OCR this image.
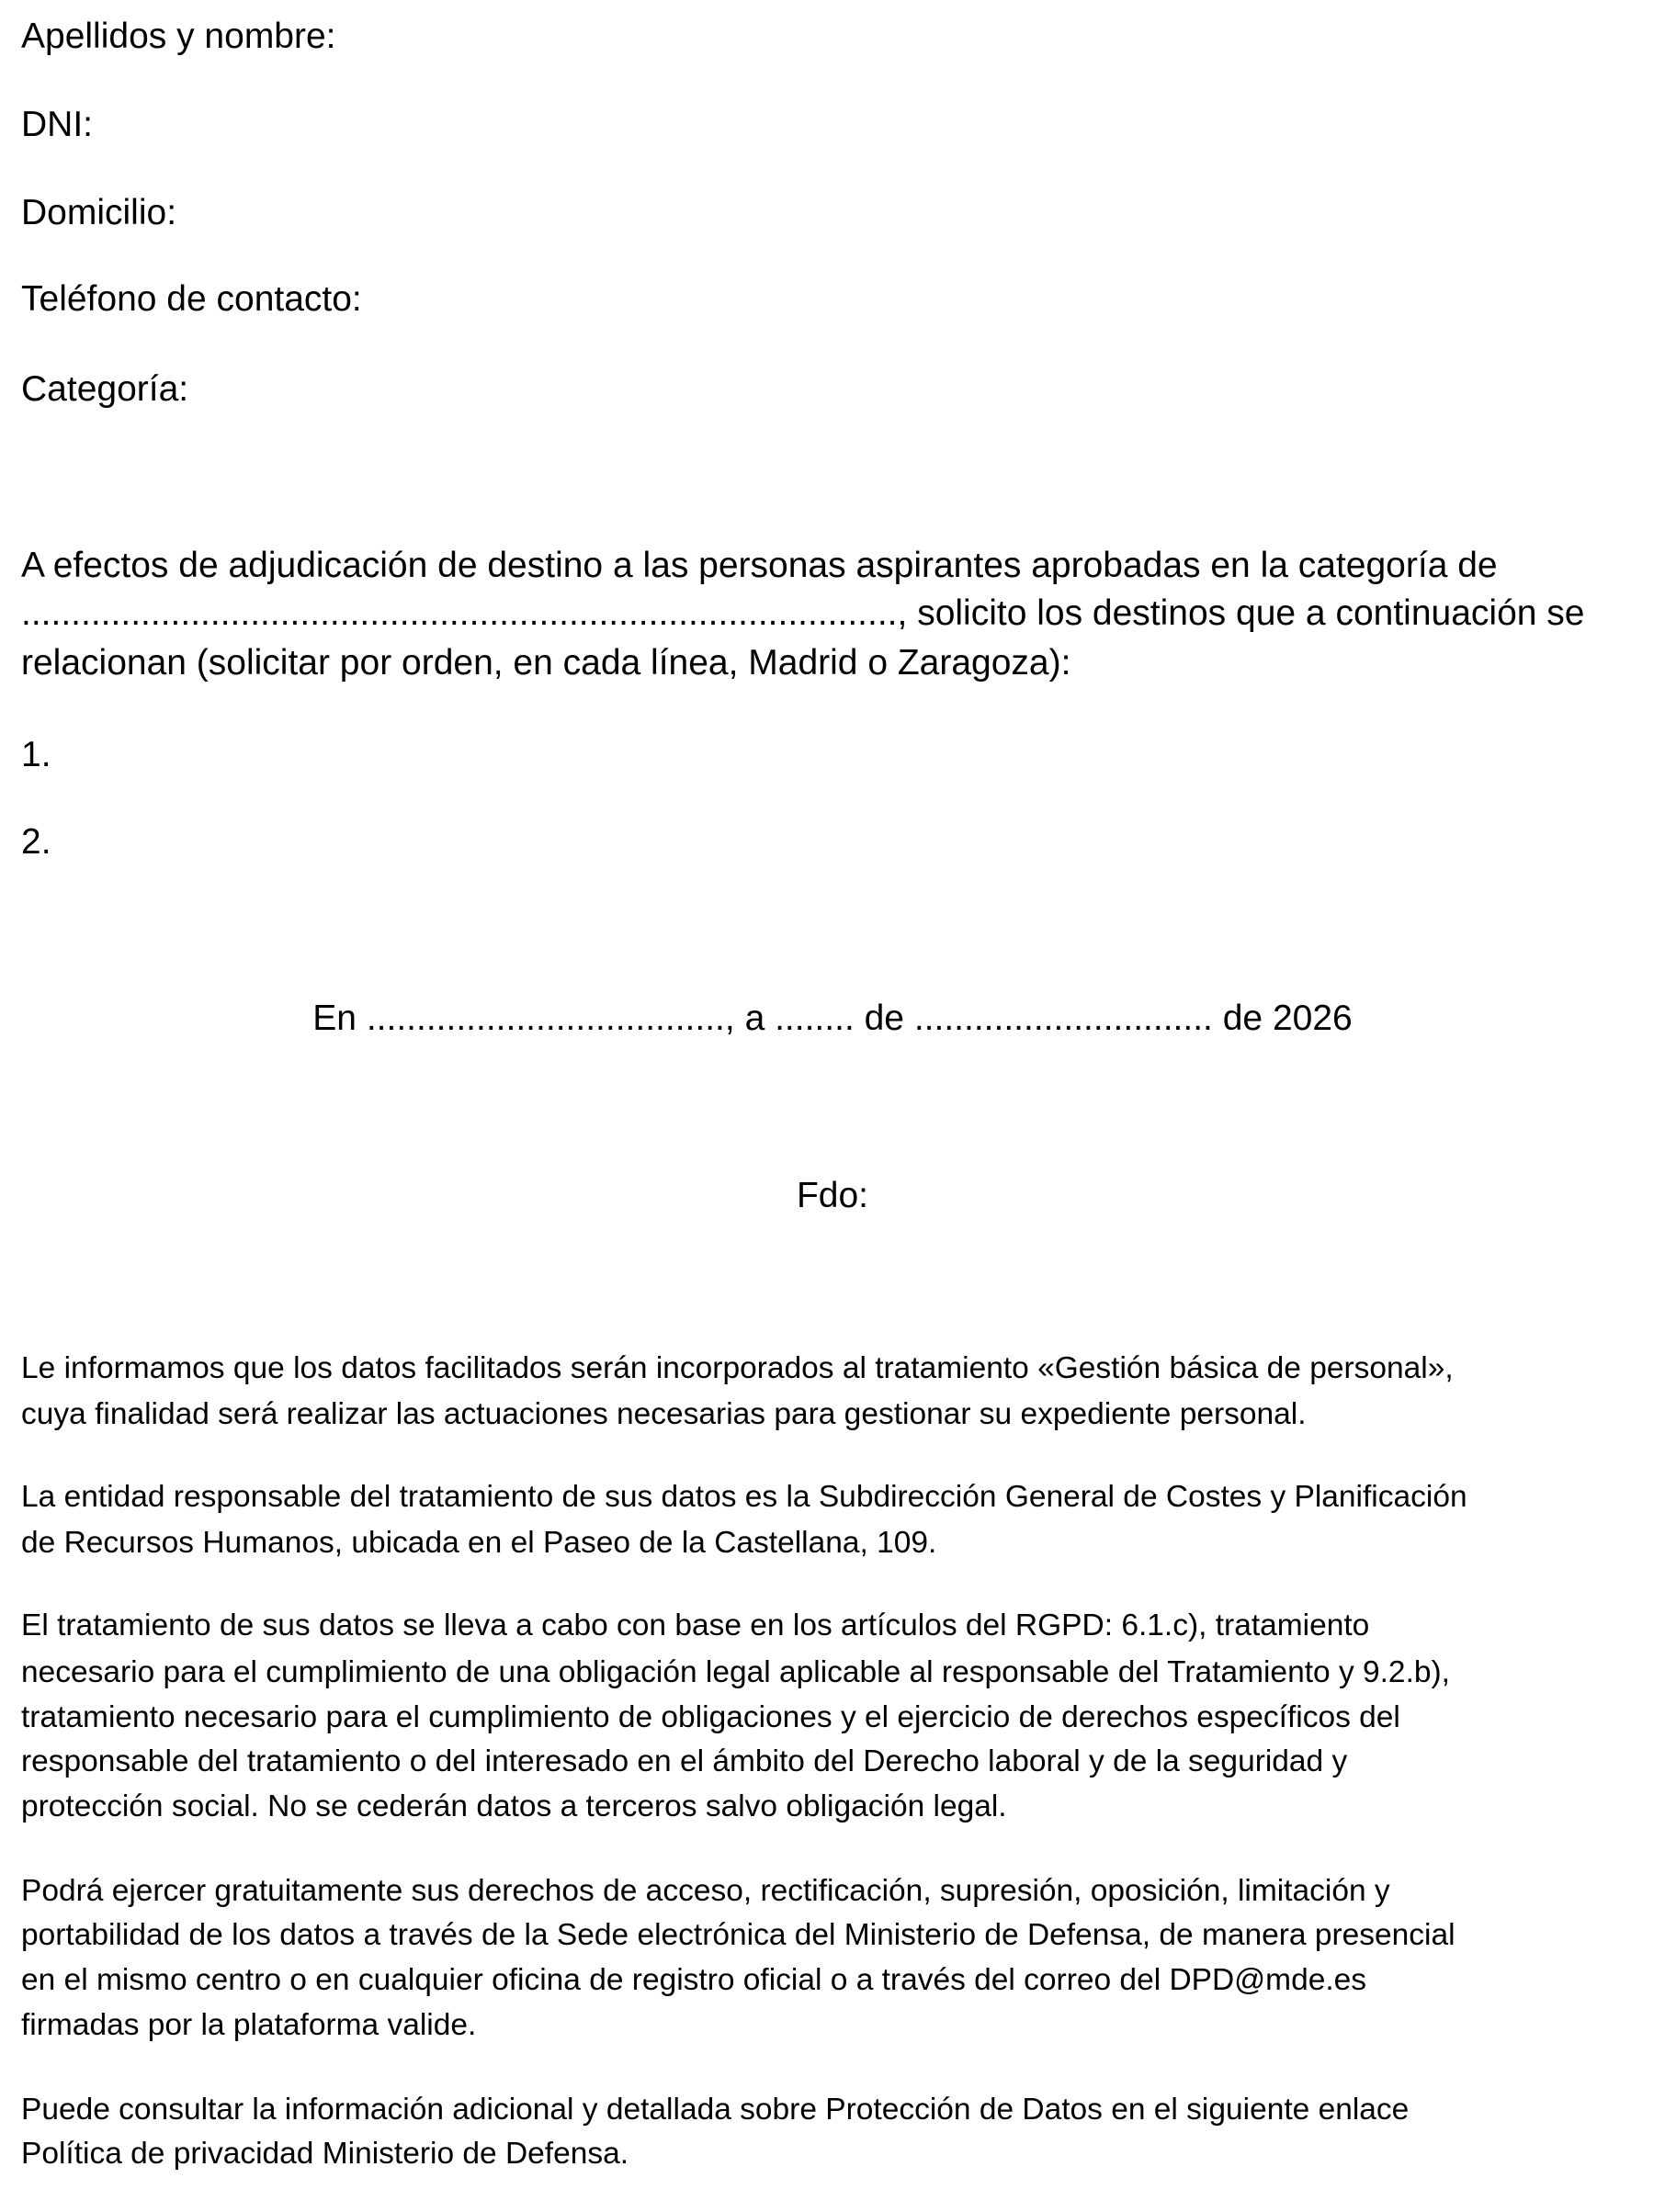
Apellidos y nombre:
DNI:
Domicilio:
Teléfono de contacto:
Categoría:
A efectos de adjudicación de destino a las personas aspirantes aprobadas en la categoría de
........................................................................................, solicito los destinos que a continuación se
relacionan (solicitar por orden, en cada línea, Madrid o Zaragoza):
1.
2.
En ...................................., a ........ de .............................. de 2026
Fdo:
Le informamos que los datos facilitados serán incorporados al tratamiento «Gestión básica de personal»,
cuya finalidad será realizar las actuaciones necesarias para gestionar su expediente personal.
La entidad responsable del tratamiento de sus datos es la Subdirección General de Costes y Planificación
de Recursos Humanos, ubicada en el Paseo de la Castellana, 109.
El tratamiento de sus datos se lleva a cabo con base en los artículos del RGPD: 6.1.c), tratamiento
necesario para el cumplimiento de una obligación legal aplicable al responsable del Tratamiento y 9.2.b),
tratamiento necesario para el cumplimiento de obligaciones y el ejercicio de derechos específicos del
responsable del tratamiento o del interesado en el ámbito del Derecho laboral y de la seguridad y
protección social. No se cederán datos a terceros salvo obligación legal.
Podrá ejercer gratuitamente sus derechos de acceso, rectificación, supresión, oposición, limitación y
portabilidad de los datos a través de la Sede electrónica del Ministerio de Defensa, de manera presencial
en el mismo centro o en cualquier oficina de registro oficial o a través del correo del DPD@mde.es
firmadas por la plataforma valide.
Puede consultar la información adicional y detallada sobre Protección de Datos en el siguiente enlace
Política de privacidad Ministerio de Defensa.
